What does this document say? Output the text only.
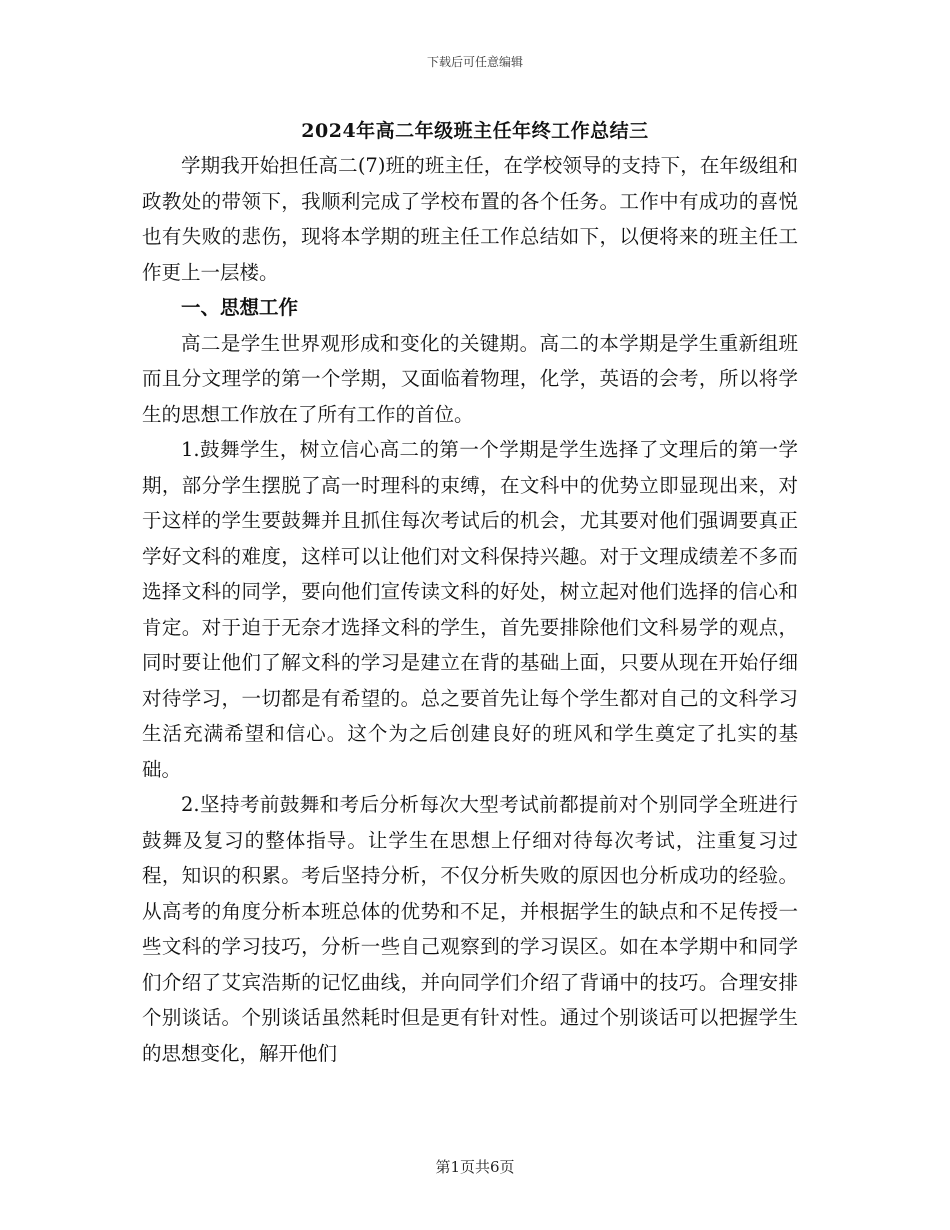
下载后可任意编辑
2024年高二年级班主任年终工作总结三

学期我开始担任高二(7)班的班主任，在学校领导的支持下，在年级组和政教处的带领下，我顺利完成了学校布置的各个任务。工作中有成功的喜悦也有失败的悲伤，现将本学期的班主任工作总结如下，以便将来的班主任工作更上一层楼。

一、思想工作

高二是学生世界观形成和变化的关键期。高二的本学期是学生重新组班而且分文理学的第一个学期，又面临着物理，化学，英语的会考，所以将学生的思想工作放在了所有工作的首位。

1.鼓舞学生，树立信心高二的第一个学期是学生选择了文理后的第一学期，部分学生摆脱了高一时理科的束缚，在文科中的优势立即显现出来，对于这样的学生要鼓舞并且抓住每次考试后的机会，尤其要对他们强调要真正学好文科的难度，这样可以让他们对文科保持兴趣。对于文理成绩差不多而选择文科的同学，要向他们宣传读文科的好处，树立起对他们选择的信心和肯定。对于迫于无奈才选择文科的学生，首先要排除他们文科易学的观点，同时要让他们了解文科的学习是建立在背的基础上面，只要从现在开始仔细对待学习，一切都是有希望的。总之要首先让每个学生都对自己的文科学习生活充满希望和信心。这个为之后创建良好的班风和学生奠定了扎实的基础。

2.坚持考前鼓舞和考后分析每次大型考试前都提前对个别同学全班进行鼓舞及复习的整体指导。让学生在思想上仔细对待每次考试，注重复习过程，知识的积累。考后坚持分析，不仅分析失败的原因也分析成功的经验。从高考的角度分析本班总体的优势和不足，并根据学生的缺点和不足传授一些文科的学习技巧，分析一些自己观察到的学习误区。如在本学期中和同学们介绍了艾宾浩斯的记忆曲线，并向同学们介绍了背诵中的技巧。合理安排个别谈话。个别谈话虽然耗时但是更有针对性。通过个别谈话可以把握学生的思想变化，解开他们

第1页共6页
